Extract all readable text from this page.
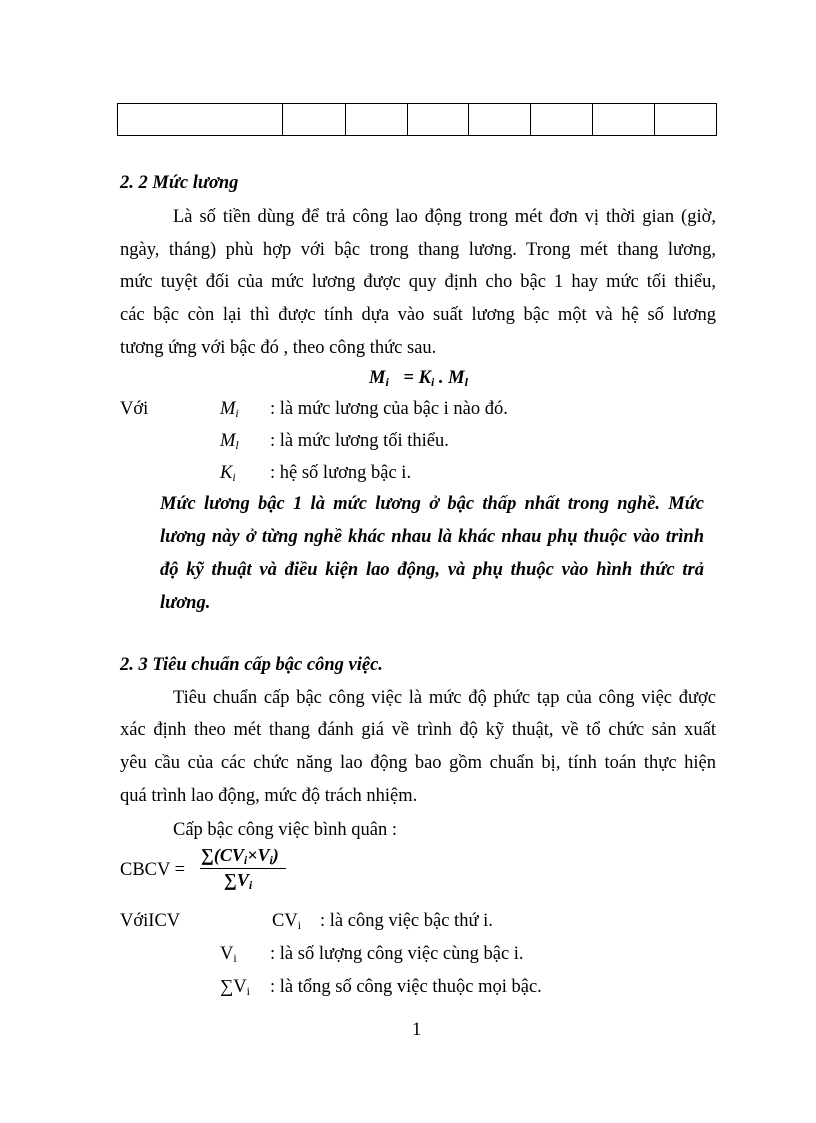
2. 2 Mức lương
Là số tiền dùng để trả công lao động trong mét đơn vị thời gian (giờ,
ngày, tháng) phù hợp với bậc trong thang lương. Trong mét thang lương,
mức tuyệt đối của mức lương được quy định cho bậc 1 hay mức tối thiểu,
các bậc còn lại thì được tính dựa vào suất lương bậc một và hệ số lương
tương ứng với bậc đó , theo công thức sau.
$M_i = K_i$ . $M_l$
Với	$M_i$ : là mức lương của bậc i nào đó.
$M_l$ : là mức lương tối thiểu.
$K_i$ : hệ số lương bậc i.
Mức lương bậc 1 là mức lương ở bậc thấp nhất trong nghề. Mức
lương này ở từng nghề khác nhau là khác nhau phụ thuộc vào trình
độ kỹ thuật và điều kiện lao động, và phụ thuộc vào hình thức trả
lương.
2. 3 Tiêu chuẩn cấp bậc công việc.
Tiêu chuẩn cấp bậc công việc là mức độ phức tạp của công việc được
xác định theo mét thang đánh giá về trình độ kỹ thuật, về tổ chức sản xuất
yêu cầu của các chức năng lao động bao gồm chuẩn bị, tính toán thực hiện
quá trình lao động, mức độ trách nhiệm.
Cấp bậc công việc bình quân :
CBCV =
$\sum(CV_i\times V_i)$
$\sum V_i$
VớiICV	$CV_i$ : là công việc bậc thứ i.
$V_i$ : là số lượng công việc cùng bậc i.
$\sum V_i$ : là tổng số công việc thuộc mọi bậc.
1
